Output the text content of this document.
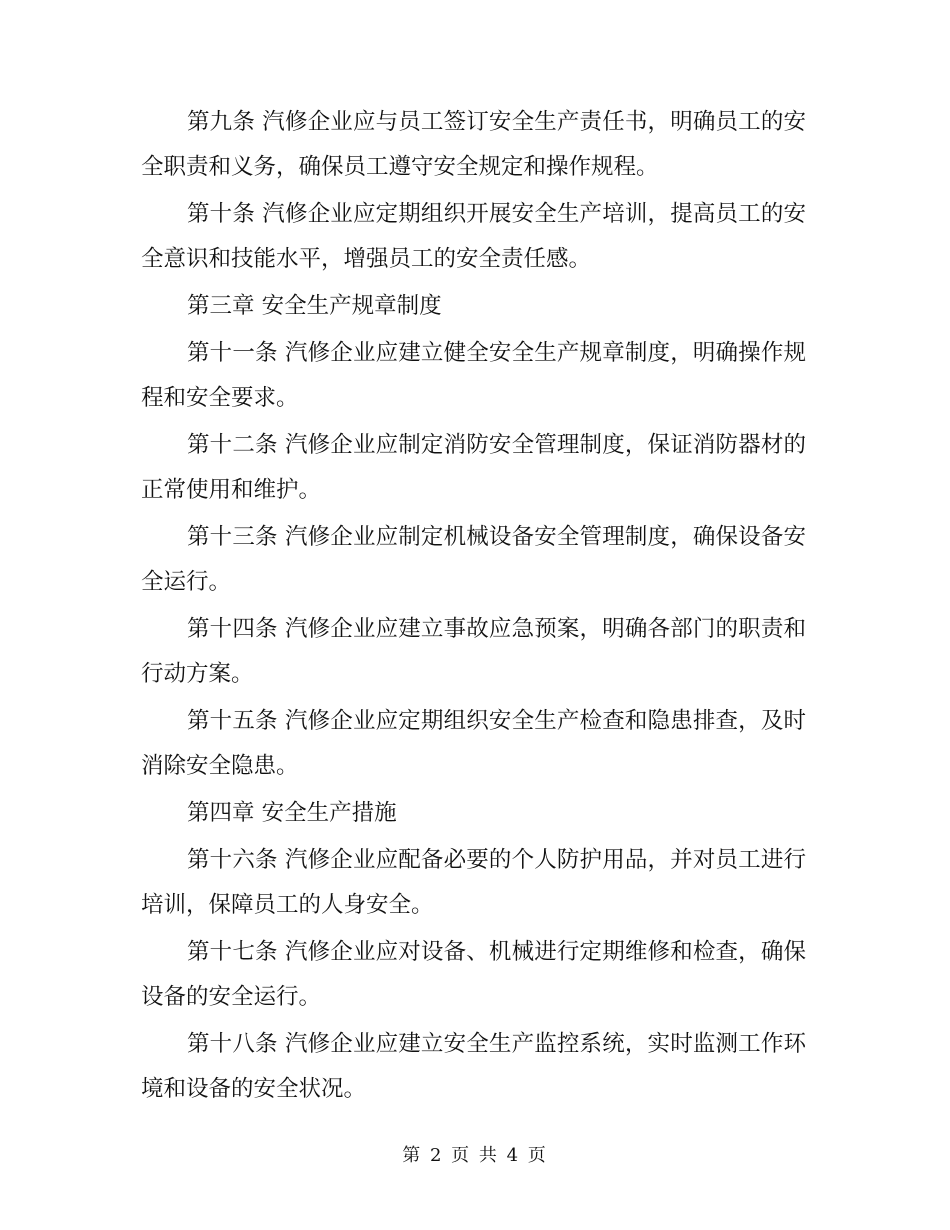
第九条 汽修企业应与员工签订安全生产责任书，明确员工的安全职责和义务，确保员工遵守安全规定和操作规程。

第十条 汽修企业应定期组织开展安全生产培训，提高员工的安全意识和技能水平，增强员工的安全责任感。

第三章 安全生产规章制度

第十一条 汽修企业应建立健全安全生产规章制度，明确操作规程和安全要求。

第十二条 汽修企业应制定消防安全管理制度，保证消防器材的正常使用和维护。

第十三条 汽修企业应制定机械设备安全管理制度，确保设备安全运行。

第十四条 汽修企业应建立事故应急预案，明确各部门的职责和行动方案。

第十五条 汽修企业应定期组织安全生产检查和隐患排查，及时消除安全隐患。

第四章 安全生产措施

第十六条 汽修企业应配备必要的个人防护用品，并对员工进行培训，保障员工的人身安全。

第十七条 汽修企业应对设备、机械进行定期维修和检查，确保设备的安全运行。

第十八条 汽修企业应建立安全生产监控系统，实时监测工作环境和设备的安全状况。

第 2 页 共 4 页
